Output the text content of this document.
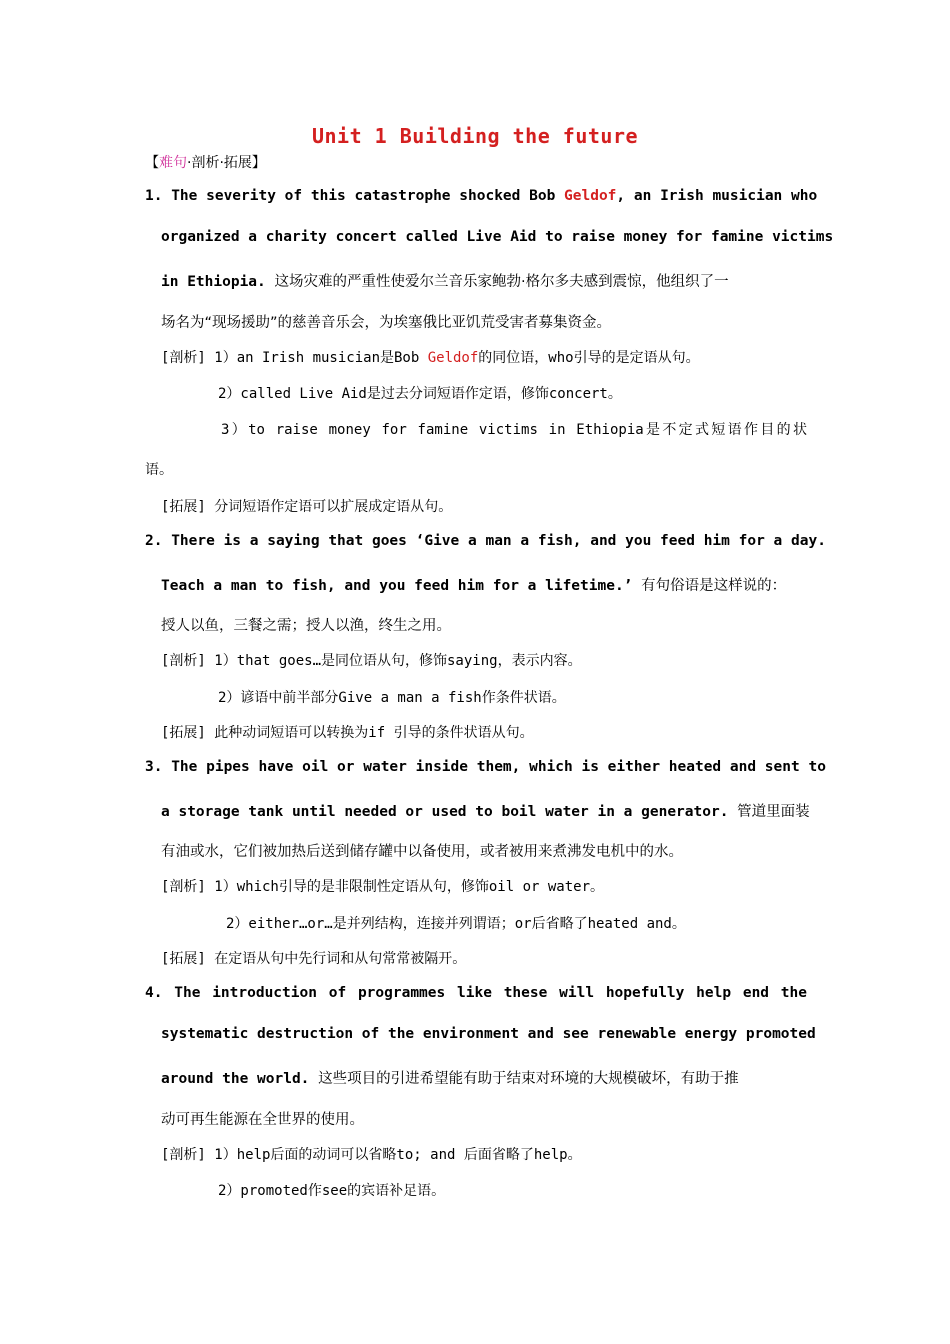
Unit 1 Building the future
【难句·剖析·拓展】
1. The severity of this catastrophe shocked Bob Geldof, an Irish musician who
organized a charity concert called Live Aid to raise money for famine victims
in Ethiopia. 这场灾难的严重性使爱尔兰音乐家鲍勃·格尔多夫感到震惊，他组织了一
场名为“现场援助”的慈善音乐会，为埃塞俄比亚饥荒受害者募集资金。
[剖析] 1）an Irish musician是Bob Geldof的同位语，who引导的是定语从句。
2）called Live Aid是过去分词短语作定语，修饰concert。
3）to raise money for famine victims in Ethiopia是不定式短语作目的状
语。
[拓展] 分词短语作定语可以扩展成定语从句。
2. There is a saying that goes ‘Give a man a fish, and you feed him for a day.
Teach a man to fish, and you feed him for a lifetime.’ 有句俗语是这样说的：
授人以鱼，三餐之需；授人以渔，终生之用。
[剖析] 1）that goes…是同位语从句，修饰saying，表示内容。
2）谚语中前半部分Give a man a fish作条件状语。
[拓展] 此种动词短语可以转换为if 引导的条件状语从句。
3. The pipes have oil or water inside them, which is either heated and sent to
a storage tank until needed or used to boil water in a generator. 管道里面装
有油或水，它们被加热后送到储存罐中以备使用，或者被用来煮沸发电机中的水。
[剖析] 1）which引导的是非限制性定语从句，修饰oil or water。
2）either…or…是并列结构，连接并列谓语；or后省略了heated and。
[拓展] 在定语从句中先行词和从句常常被隔开。
4. The introduction of programmes like these will hopefully help end the
systematic destruction of the environment and see renewable energy promoted
around the world. 这些项目的引进希望能有助于结束对环境的大规模破坏，有助于推
动可再生能源在全世界的使用。
[剖析] 1）help后面的动词可以省略to; and 后面省略了help。
2）promoted作see的宾语补足语。
